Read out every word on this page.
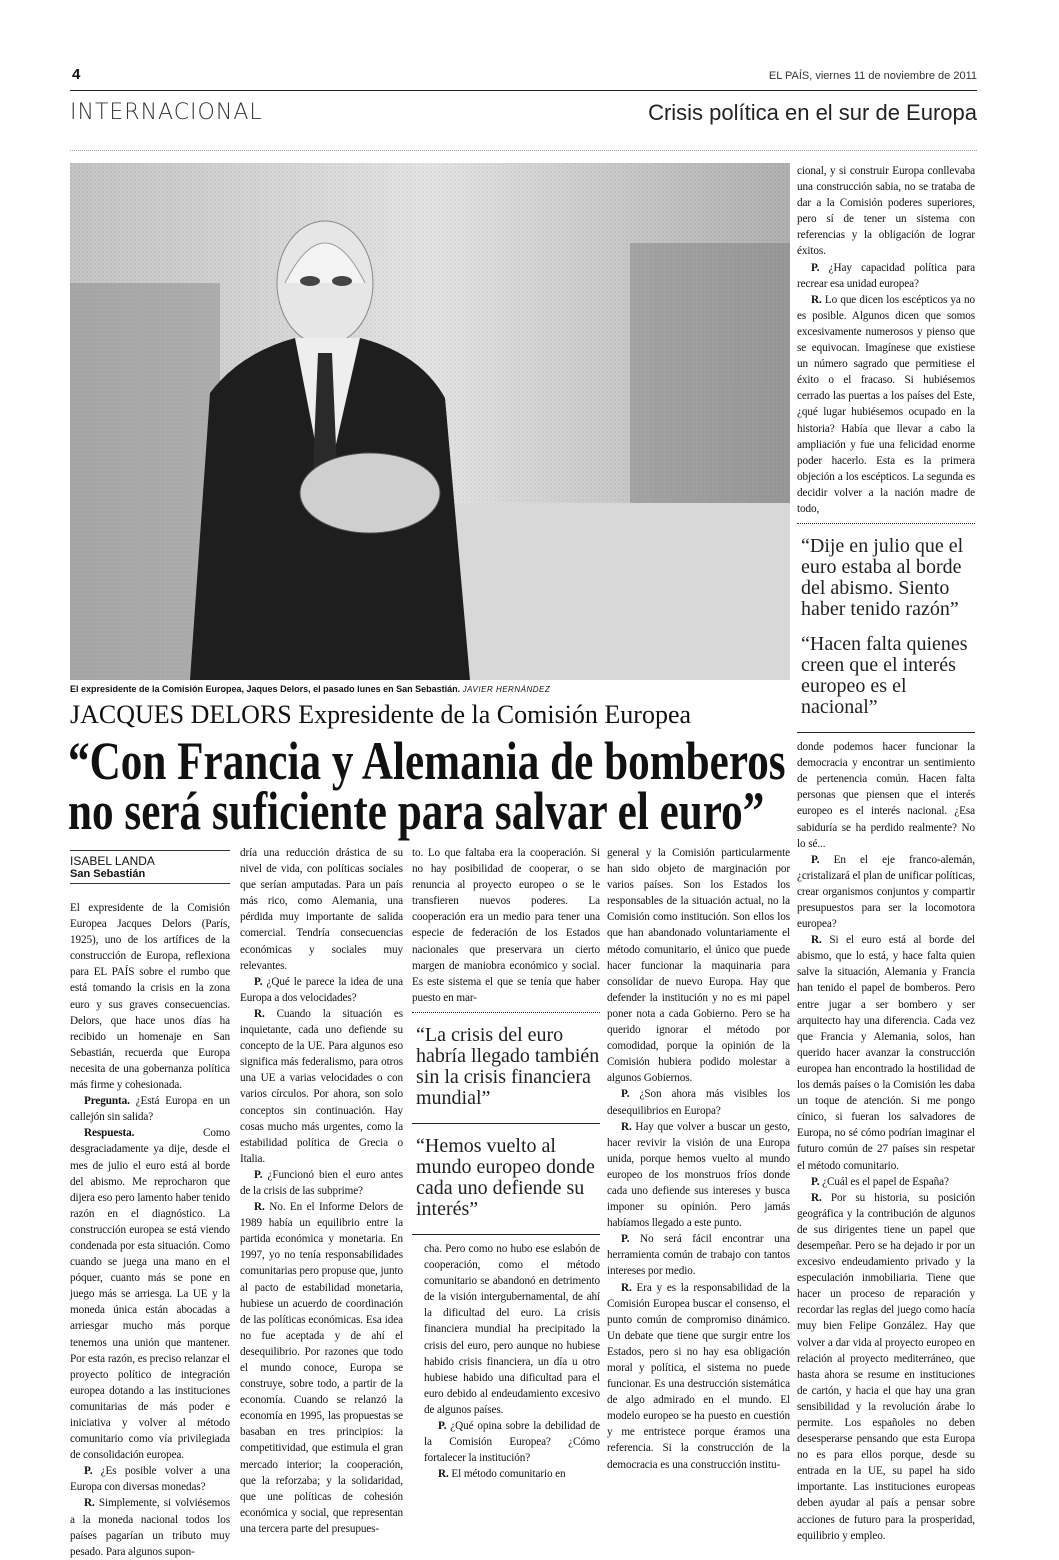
4	EL PAÍS, viernes 11 de noviembre de 2011
INTERNACIONAL	Crisis política en el sur de Europa
El expresidente de la Comisión Europea, Jaques Delors, el pasado lunes en San Sebastián. JAVIER HERNÁNDEZ
JACQUES DELORS Expresidente de la Comisión Europea
“Con Francia y Alemania de bomberos
no será suficiente para salvar el euro”
ISABEL LANDA
San Sebastián

El expresidente de la Comisión Europea Jacques Delors (París, 1925), uno de los artífices de la construcción de Europa, reflexiona para EL PAÍS sobre el rumbo que está tomando la crisis en la zona euro y sus graves consecuencias. Delors, que hace unos días ha recibido un homenaje en San Sebastián, recuerda que Europa necesita de una gobernanza política más firme y cohesionada.

Pregunta. ¿Está Europa en un callejón sin salida?

Respuesta.	Como desgraciadamente ya dije, desde el mes de julio el euro está al borde del abismo. Me reprocharon que dijera eso pero lamento haber tenido razón en el diagnóstico. La construcción europea se está viendo condenada por esta situación. Como cuando se juega una mano en el póquer, cuanto más se pone en juego más se arriesga. La UE y la moneda única están abocadas a arriesgar mucho más porque tenemos una unión que mantener. Por esta razón, es preciso relanzar el proyecto político de integración europea dotando a las instituciones comunitarias de más poder e iniciativa y volver al método comunitario como vía privilegiada de consolidación europea.

P. ¿Es posible volver a una Europa con diversas monedas?

R. Simplemente, si volviésemos a la moneda nacional todos los países pagarían un tributo muy pesado. Para algunos supon-

dría una reducción drástica de su nivel de vida, con políticas sociales que serían amputadas. Para un país más rico, como Alemania, una pérdida muy importante de salida comercial. Tendría consecuencias económicas y sociales muy relevantes.

P. ¿Qué le parece la idea de una Europa a dos velocidades?

R. Cuando la situación es inquietante, cada uno defiende su concepto de la UE. Para algunos eso significa más federalismo, para otros una UE a varias velocidades o con varios círculos. Por ahora, son solo conceptos sin continuación. Hay cosas mucho más urgentes, como la estabilidad política de Grecia o Italia.

P. ¿Funcionó bien el euro antes de la crisis de las subprime?

R. No. En el Informe Delors de 1989 había un equilibrio entre la partida económica y monetaria. En 1997, yo no tenía responsabilidades comunitarias pero propuse que, junto al pacto de estabilidad monetaria, hubiese un acuerdo de coordinación de las políticas económicas. Esa idea no fue aceptada y de ahí el desequilibrio. Por razones que todo el mundo conoce, Europa se construye, sobre todo, a partir de la economía. Cuando se relanzó la economía en 1995, las propuestas se basaban en tres principios: la competitividad, que estimula el gran mercado interior; la cooperación, que la reforzaba; y la solidaridad, que une políticas de cohesión económica y social, que representan una tercera parte del presupues-

to. Lo que faltaba era la cooperación. Si no hay posibilidad de cooperar, o se renuncia al proyecto europeo o se le transfieren nuevos poderes. La cooperación era un medio para tener una especie de federación de los Estados nacionales que preservara un cierto margen de maniobra económico y social. Es este sistema el que se tenía que haber puesto en mar-

“La crisis del euro habría llegado también sin la crisis financiera mundial”
“Hemos vuelto al mundo europeo donde cada uno defiende su interés”

cha. Pero como no hubo ese eslabón de cooperación, como el método comunitario se abandonó en detrimento de la visión intergubernamental, de ahí la dificultad del euro. La crisis financiera mundial ha precipitado la crisis del euro, pero aunque no hubiese habido crisis financiera, un día u otro hubiese habido una dificultad para el euro debido al endeudamiento excesivo de algunos países.

P. ¿Qué opina sobre la debilidad de la Comisión Europea? ¿Cómo fortalecer la institución?

R. El método comunitario en

general y la Comisión particularmente han sido objeto de marginación por varios países. Son los Estados los responsables de la situación actual, no la Comisión como institución. Son ellos los que han abandonado voluntariamente el método comunitario, el único que puede hacer funcionar la maquinaria para consolidar de nuevo Europa. Hay que defender la institución y no es mi papel poner nota a cada Gobierno. Pero se ha querido ignorar el método por comodidad, porque la opinión de la Comisión hubiera podido molestar a algunos Gobiernos.

P. ¿Son ahora más visibles los desequilibrios en Europa?

R. Hay que volver a buscar un gesto, hacer revivir la visión de una Europa unida, porque hemos vuelto al mundo europeo de los monstruos fríos donde cada uno defiende sus intereses y busca imponer su opinión. Pero jamás habíamos llegado a este punto.

P. No será fácil encontrar una herramienta común de trabajo con tantos intereses por medio.

R. Era y es la responsabilidad de la Comisión Europea buscar el consenso, el punto común de compromiso dinámico. Un debate que tiene que surgir entre los Estados, pero si no hay esa obligación moral y política, el sistema no puede funcionar. Es una destrucción sistemática de algo admirado en el mundo. El modelo europeo se ha puesto en cuestión y me entristece porque éramos una referencia. Si la construcción de la democracia es una construcción institu-

cional, y si construir Europa conllevaba una construcción sabia, no se trataba de dar a la Comisión poderes superiores, pero sí de tener un sistema con referencias y la obligación de lograr éxitos.

P. ¿Hay capacidad política para recrear esa unidad europea?

R. Lo que dicen los escépticos ya no es posible. Algunos dicen que somos excesivamente numerosos y pienso que se equivocan. Imagínese que existiese un número sagrado que permitiese el éxito o el fracaso. Si hubiésemos cerrado las puertas a los países del Este, ¿qué lugar hubiésemos ocupado en la historia? Había que llevar a cabo la ampliación y fue una felicidad enorme poder hacerlo. Esta es la primera objeción a los escépticos. La segunda es decidir volver a la nación madre de todo,

“Dije en julio que el euro estaba al borde del abismo. Siento haber tenido razón”
“Hacen falta quienes creen que el interés europeo es el nacional”

donde podemos hacer funcionar la democracia y encontrar un sentimiento de pertenencia común. Hacen falta personas que piensen que el interés europeo es el interés nacional. ¿Esa sabiduría se ha perdido realmente? No lo sé...

P. En el eje franco-alemán, ¿cristalizará el plan de unificar políticas, crear organismos conjuntos y compartir presupuestos para ser la locomotora europea?

R. Si el euro está al borde del abismo, que lo está, y hace falta quien salve la situación, Alemania y Francia han tenido el papel de bomberos. Pero entre jugar a ser bombero y ser arquitecto hay una diferencia. Cada vez que Francia y Alemania, solos, han querido hacer avanzar la construcción europea han encontrado la hostilidad de los demás países o la Comisión les daba un toque de atención. Si me pongo cínico, si fueran los salvadores de Europa, no sé cómo podrían imaginar el futuro común de 27 países sin respetar el método comunitario.

P. ¿Cuál es el papel de España?

R. Por su historia, su posición geográfica y la contribución de algunos de sus dirigentes tiene un papel que desempeñar. Pero se ha dejado ir por un excesivo endeudamiento privado y la especulación inmobiliaria. Tiene que hacer un proceso de reparación y recordar las reglas del juego como hacía muy bien Felipe González. Hay que volver a dar vida al proyecto europeo en relación al proyecto mediterráneo, que hasta ahora se resume en instituciones de cartón, y hacia el que hay una gran sensibilidad y la revolución árabe lo permite. Los españoles no deben desesperarse pensando que esta Europa no es para ellos porque, desde su entrada en la UE, su papel ha sido importante. Las instituciones europeas deben ayudar al país a pensar sobre acciones de futuro para la prosperidad, equilibrio y empleo.
